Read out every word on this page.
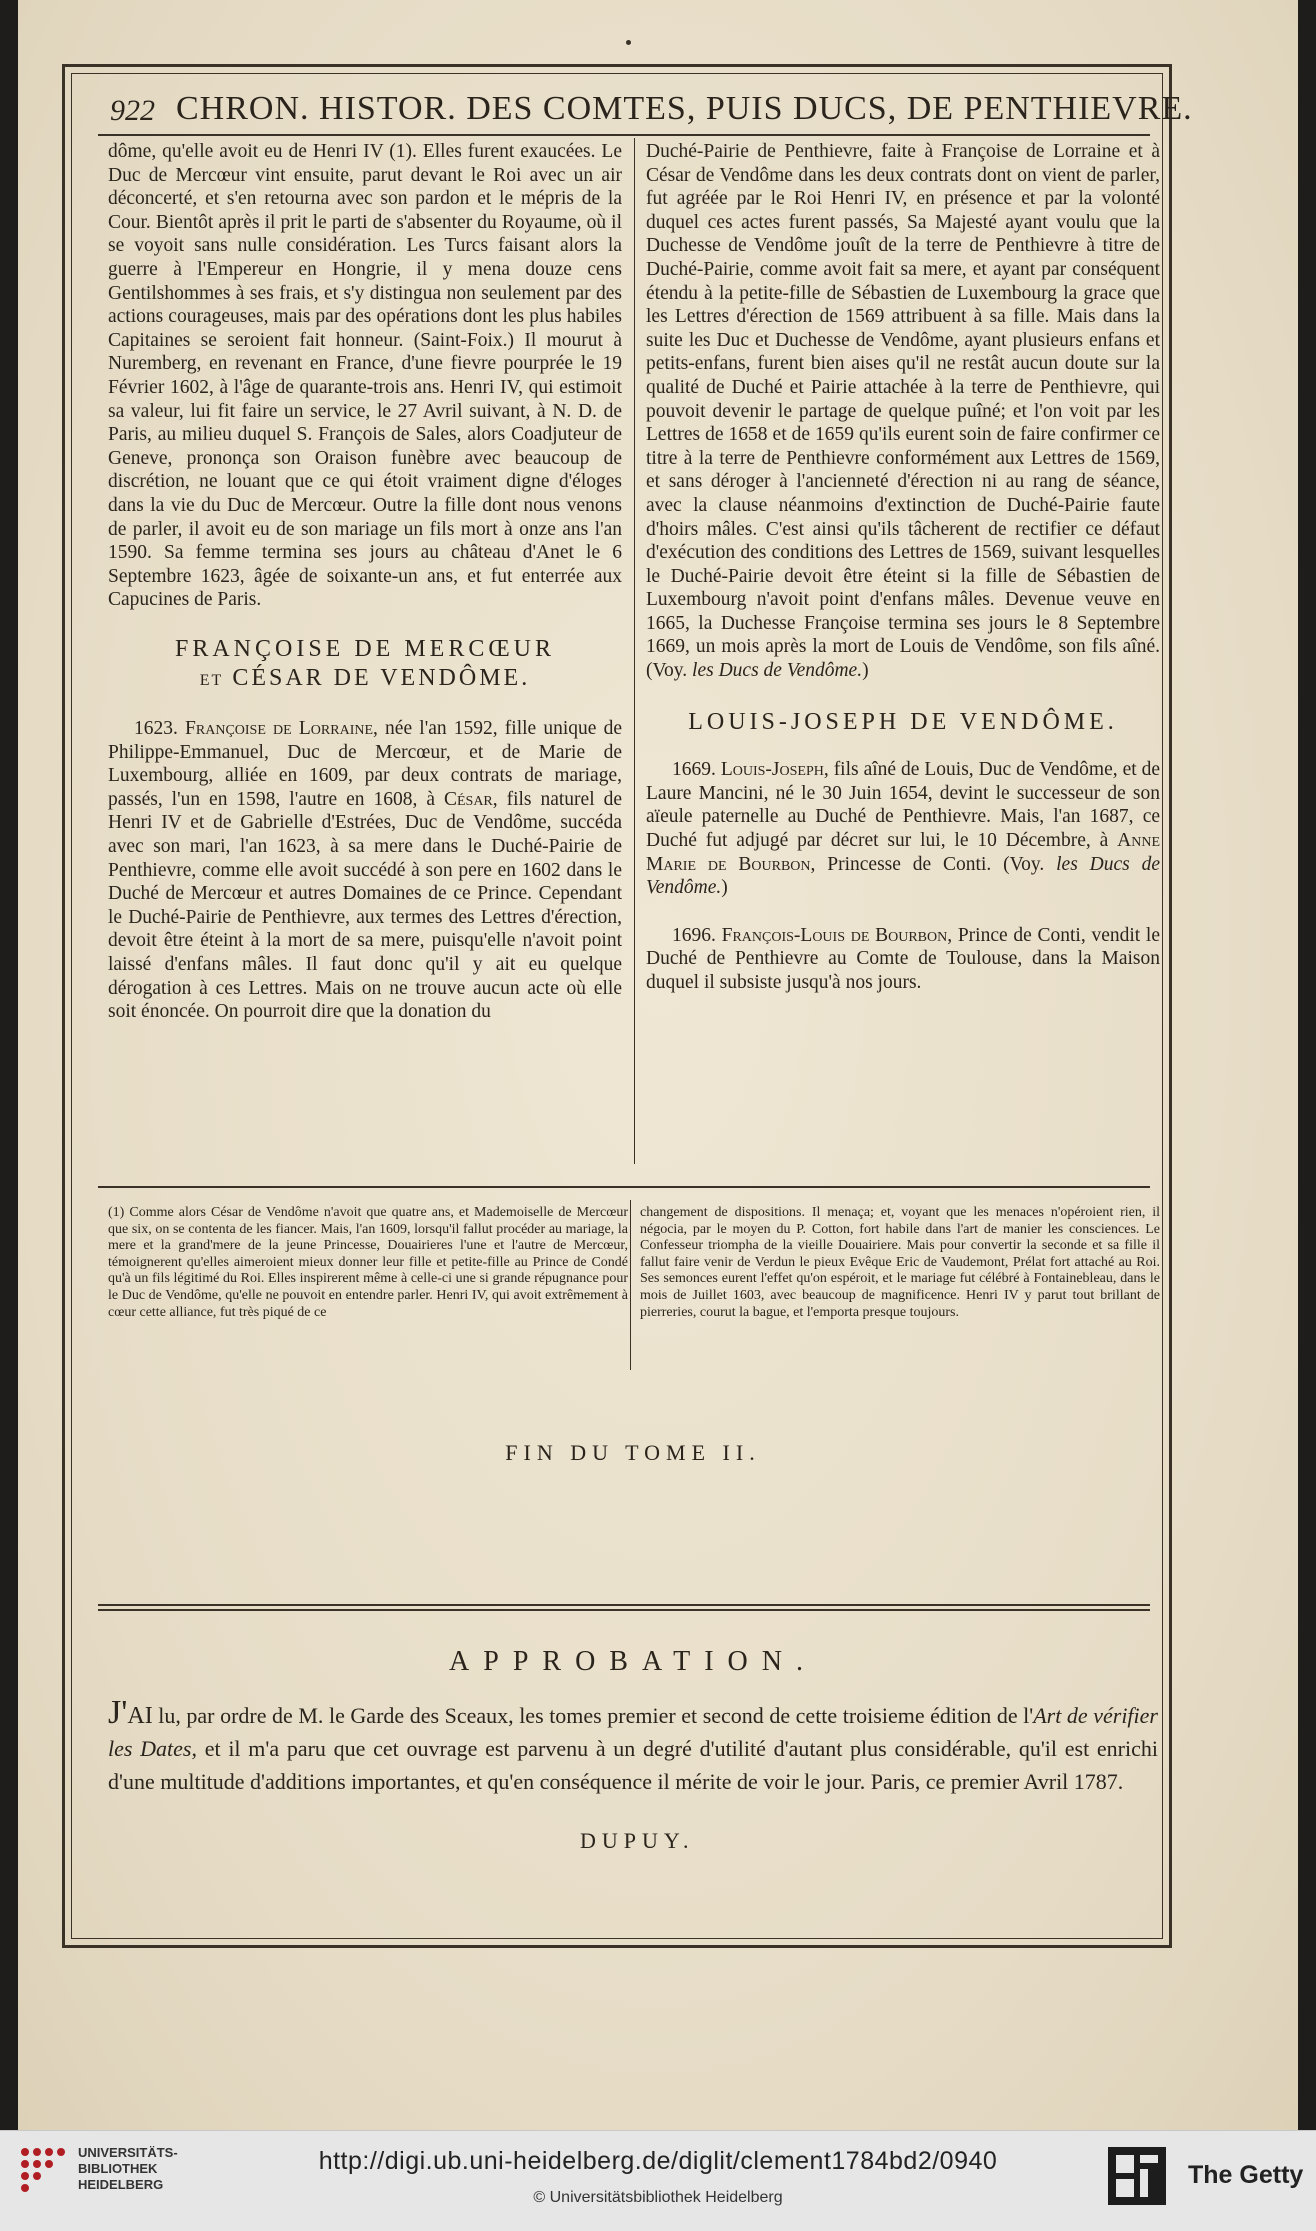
922 CHRON. HISTOR. DES COMTES, PUIS DUCS, DE PENTHIEVRE.

dôme, qu'elle avoit eu de Henri IV (1). Elles furent exaucées. Le Duc de Mercœur vint ensuite, parut devant le Roi avec un air déconcerté, et s'en retourna avec son pardon et le mépris de la Cour. Bientôt après il prit le parti de s'absenter du Royaume, où il se voyoit sans nulle considération. Les Turcs faisant alors la guerre à l'Empereur en Hongrie, il y mena douze cens Gentilshommes à ses frais, et s'y distingua non seulement par des actions courageuses, mais par des opérations dont les plus habiles Capitaines se seroient fait honneur. (Saint-Foix.) Il mourut à Nuremberg, en revenant en France, d'une fievre pourprée le 19 Février 1602, à l'âge de quarante-trois ans. Henri IV, qui estimoit sa valeur, lui fit faire un service, le 27 Avril suivant, à N. D. de Paris, au milieu duquel S. François de Sales, alors Coadjuteur de Geneve, prononça son Oraison funèbre avec beaucoup de discrétion, ne louant que ce qui étoit vraiment digne d'éloges dans la vie du Duc de Mercœur. Outre la fille dont nous venons de parler, il avoit eu de son mariage un fils mort à onze ans l'an 1590. Sa femme termina ses jours au château d'Anet le 6 Septembre 1623, âgée de soixante-un ans, et fut enterrée aux Capucines de Paris.

FRANÇOISE DE MERCŒUR
ET CÉSAR DE VENDÔME.

1623. Françoise de Lorraine, née l'an 1592, fille unique de Philippe-Emmanuel, Duc de Mercœur, et de Marie de Luxembourg, alliée en 1609, par deux contrats de mariage, passés, l'un en 1598, l'autre en 1608, à César, fils naturel de Henri IV et de Gabrielle d'Estrées, Duc de Vendôme, succéda avec son mari, l'an 1623, à sa mere dans le Duché-Pairie de Penthievre, comme elle avoit succédé à son pere en 1602 dans le Duché de Mercœur et autres Domaines de ce Prince. Cependant le Duché-Pairie de Penthievre, aux termes des Lettres d'érection, devoit être éteint à la mort de sa mere, puisqu'elle n'avoit point laissé d'enfans mâles. Il faut donc qu'il y ait eu quelque dérogation à ces Lettres. Mais on ne trouve aucun acte où elle soit énoncée. On pourroit dire que la donation du

Duché-Pairie de Penthievre, faite à Françoise de Lorraine et à César de Vendôme dans les deux contrats dont on vient de parler, fut agréée par le Roi Henri IV, en présence et par la volonté duquel ces actes furent passés, Sa Majesté ayant voulu que la Duchesse de Vendôme jouît de la terre de Penthievre à titre de Duché-Pairie, comme avoit fait sa mere, et ayant par conséquent étendu à la petite-fille de Sébastien de Luxembourg la grace que les Lettres d'érection de 1569 attribuent à sa fille. Mais dans la suite les Duc et Duchesse de Vendôme, ayant plusieurs enfans et petits-enfans, furent bien aises qu'il ne restât aucun doute sur la qualité de Duché et Pairie attachée à la terre de Penthievre, qui pouvoit devenir le partage de quelque puîné; et l'on voit par les Lettres de 1658 et de 1659 qu'ils eurent soin de faire confirmer ce titre à la terre de Penthievre conformément aux Lettres de 1569, et sans déroger à l'ancienneté d'érection ni au rang de séance, avec la clause néanmoins d'extinction de Duché-Pairie faute d'hoirs mâles. C'est ainsi qu'ils tâcherent de rectifier ce défaut d'exécution des conditions des Lettres de 1569, suivant lesquelles le Duché-Pairie devoit être éteint si la fille de Sébastien de Luxembourg n'avoit point d'enfans mâles. Devenue veuve en 1665, la Duchesse Françoise termina ses jours le 8 Septembre 1669, un mois après la mort de Louis de Vendôme, son fils aîné. (Voy. les Ducs de Vendôme.)

LOUIS-JOSEPH DE VENDÔME.

1669. Louis-Joseph, fils aîné de Louis, Duc de Vendôme, et de Laure Mancini, né le 30 Juin 1654, devint le successeur de son aïeule paternelle au Duché de Penthievre. Mais, l'an 1687, ce Duché fut adjugé par décret sur lui, le 10 Décembre, à Anne Marie de Bourbon, Princesse de Conti. (Voy. les Ducs de Vendôme.)

1696. François-Louis de Bourbon, Prince de Conti, vendit le Duché de Penthievre au Comte de Toulouse, dans la Maison duquel il subsiste jusqu'à nos jours.

(1) Comme alors César de Vendôme n'avoit que quatre ans, et Mademoiselle de Mercœur que six, on se contenta de les fiancer. Mais, l'an 1609, lorsqu'il fallut procéder au mariage, la mere et la grand'mere de la jeune Princesse, Douairieres l'une et l'autre de Mercœur, témoignerent qu'elles aimeroient mieux donner leur fille et petite-fille au Prince de Condé qu'à un fils légitimé du Roi. Elles inspirerent même à celle-ci une si grande répugnance pour le Duc de Vendôme, qu'elle ne pouvoit en entendre parler. Henri IV, qui avoit extrêmement à cœur cette alliance, fut très piqué de ce
changement de dispositions. Il menaça; et, voyant que les menaces n'opéroient rien, il négocia, par le moyen du P. Cotton, fort habile dans l'art de manier les consciences. Le Confesseur triompha de la vieille Douairiere. Mais pour convertir la seconde et sa fille il fallut faire venir de Verdun le pieux Evêque Eric de Vaudemont, Prélat fort attaché au Roi. Ses semonces eurent l'effet qu'on espéroit, et le mariage fut célébré à Fontainebleau, dans le mois de Juillet 1603, avec beaucoup de magnificence. Henri IV y parut tout brillant de pierreries, courut la bague, et l'emporta presque toujours.
FIN DU TOME II.
APPROBATION.
J'ai lu, par ordre de M. le Garde des Sceaux, les tomes premier et second de cette troisieme édition de l'Art de vérifier les Dates, et il m'a paru que cet ouvrage est parvenu à un degré d'utilité d'autant plus considérable, qu'il est enrichi d'une multitude d'additions importantes, et qu'en conséquence il mérite de voir le jour. Paris, ce premier Avril 1787.
DUPUY.
UNIVERSITÄTS-
BIBLIOTHEK
HEIDELBERG
http://digi.ub.uni-heidelberg.de/diglit/clement1784bd2/0940
© Universitätsbibliothek Heidelberg
The Getty
